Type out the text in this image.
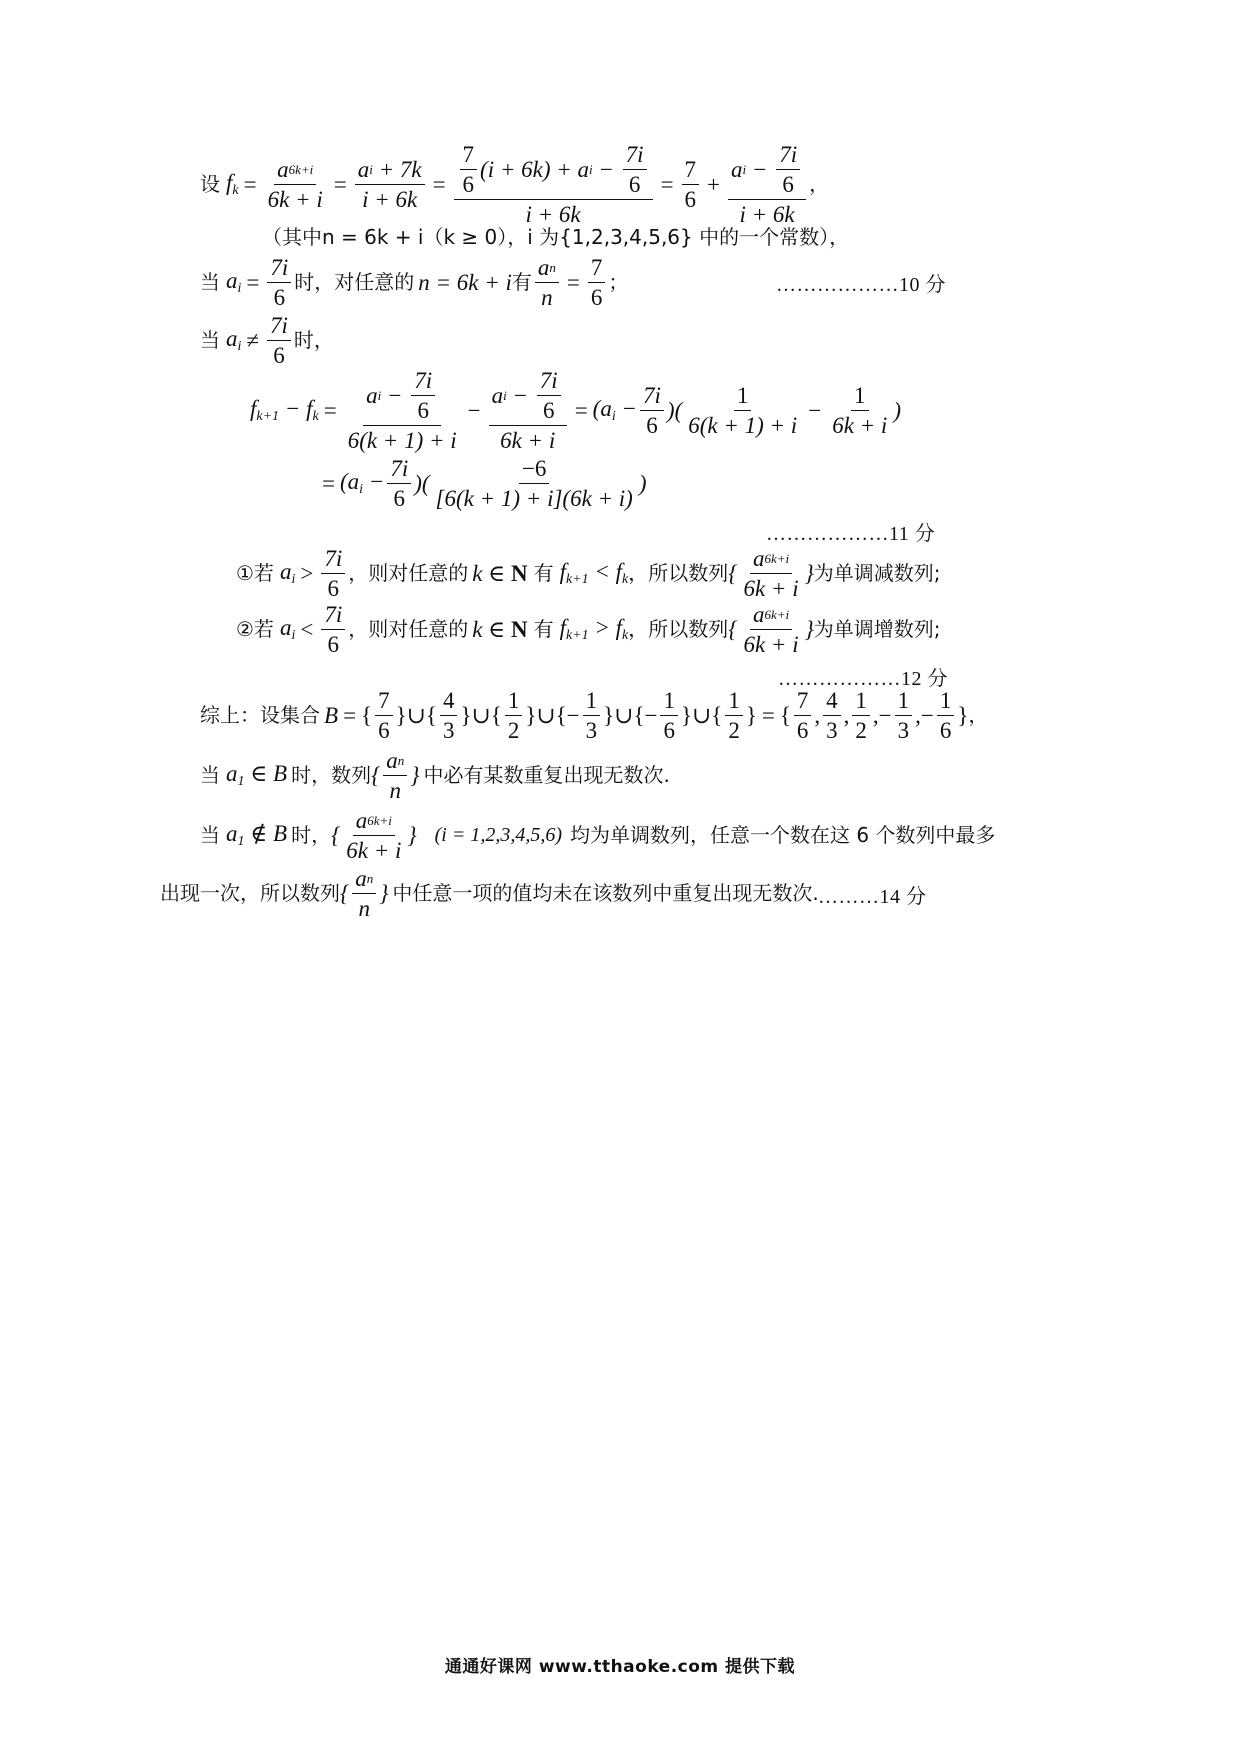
设 $f_k = \frac{a 6k+i}{6k + i} = \frac{\text{a i + 7k}}{i + 6k} = \frac{\frac{7}{6} (i + 6k) + a i - \frac{7i}{6}}{i + 6k} = \frac{7}{6} + \frac{a i - \frac{7i}{6}}{i + 6k}$ ，
（其中n = 6k + i（k ≥ 0），i 为{1,2,3,4,5,6} 中的一个常数），
当 $a_i = \frac{7i}{6}$ 时，对任意的 n = 6k + i 有 $\frac{\text{a n}}{n} = \frac{7}{6}$ ；	………………10 分
当 $a_i \ne \frac{7i}{6}$ 时，
$f_{k+1} - f_k = \frac{a i - \frac{7i}{6}}{6(k + 1) + i} - \frac{a i - \frac{7i}{6}}{6k + i} = (a_i - \frac{7i}{6}$ )( $\frac{1}{6(k + 1) + i} - \frac{1}{6k + i}$ )
= ($a_i - \frac{7i}{6}$ )( $\frac{-6}{[6(k + 1) + i](6k + i)}$ )
………………11 分
①若 $a_i > \frac{7i}{6}$ ，则对任意的 k ∈ N 有 $f_{k+1} < f_k$ ，所以数列 { $\frac{a 6k+i}{6k + i}$ } 为单调减数列;
②若 $a_i < \frac{7i}{6}$ ，则对任意的 k ∈ N 有 $f_{k+1} > f_k$ ，所以数列 { $\frac{a 6k+i}{6k + i}$ } 为单调增数列;
………………12 分
综上：设集合 B = { $\frac{7}{6}$ }∪{ $\frac{4}{3}$ }∪{ $\frac{1}{2}$ }∪{− $\frac{1}{3}$ }∪{− $\frac{1}{6}$ }∪{ $\frac{1}{2}$ } = { $\frac{7}{6}$ , $\frac{4}{3}$ , $\frac{1}{2}$ ,− $\frac{1}{3}$ ,− $\frac{1}{6}$ } ，
当 $a_1$ ∈ B 时，数列 { $\frac{\text{a n}}{n}$ } 中必有某数重复出现无数次.
当 $a_1$ ∉ B 时， { $\frac{a 6k+i}{6k + i}$ } (i = 1,2,3,4,5,6) 均为单调数列，任意一个数在这 6 个数列中最多
出现一次，所以数列 { $\frac{\text{a n}}{n}$ } 中任意一项的值均未在该数列中重复出现无数次. ………14 分
通通好课网 www.tthaoke.com 提供下载
